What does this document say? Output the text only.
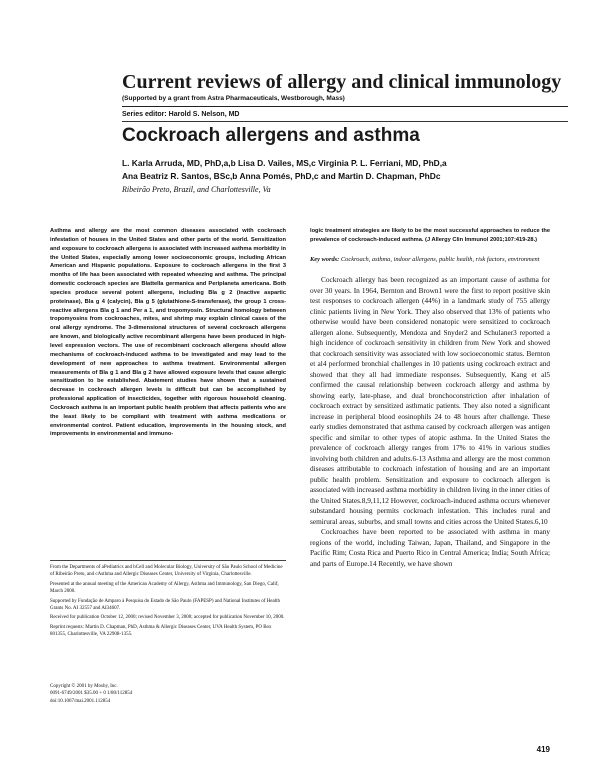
Current reviews of allergy and clinical immunology
(Supported by a grant from Astra Pharmaceuticals, Westborough, Mass)
Series editor: Harold S. Nelson, MD
Cockroach allergens and asthma
L. Karla Arruda, MD, PhD,a,b Lisa D. Vailes, MS,c Virginia P. L. Ferriani, MD, PhD,a
Ana Beatriz R. Santos, BSc,b Anna Pomés, PhD,c and Martin D. Chapman, PhDc
Ribeirão Preto, Brazil, and Charlottesville, Va
Asthma and allergy are the most common diseases associated with cockroach infestation of houses in the United States and other parts of the world. Sensitization and exposure to cockroach allergens is associated with increased asthma morbidity in the United States, especially among lower socioeconomic groups, including African American and Hispanic populations. Exposure to cockroach allergens in the first 3 months of life has been associated with repeated wheezing and asthma. The principal domestic cockroach species are Blattella germanica and Periplaneta americana. Both species produce several potent allergens, including Bla g 2 (inactive aspartic proteinase), Bla g 4 (calycin), Bla g 5 (glutathione-S-transferase), the group 1 cross-reactive allergens Bla g 1 and Per a 1, and tropomyosin. Structural homology between tropomyosins from cockroaches, mites, and shrimp may explain clinical cases of the oral allergy syndrome. The 3-dimensional structures of several cockroach allergens are known, and biologically active recombinant allergens have been produced in high-level expression vectors. The use of recombinant cockroach allergens should allow mechanisms of cockroach-induced asthma to be investigated and may lead to the development of new approaches to asthma treatment. Environmental allergen measurements of Bla g 1 and Bla g 2 have allowed exposure levels that cause allergic sensitization to be established. Abatement studies have shown that a sustained decrease in cockroach allergen levels is difficult but can be accomplished by professional application of insecticides, together with rigorous household cleaning. Cockroach asthma is an important public health problem that affects patients who are the least likely to be compliant with treatment with asthma medications or environmental control. Patient education, improvements in the housing stock, and improvements in environmental and immuno-
logic treatment strategies are likely to be the most successful approaches to reduce the prevalence of cockroach-induced asthma. (J Allergy Clin Immunol 2001;107:419-28.)
Key words: Cockroach, asthma, indoor allergens, public health, risk factors, environment

Cockroach allergy has been recognized as an important cause of asthma for over 30 years. In 1964, Bernton and Brown1 were the first to report positive skin test responses to cockroach allergen (44%) in a landmark study of 755 allergy clinic patients living in New York. They also observed that 13% of patients who otherwise would have been considered nonatopic were sensitized to cockroach allergen alone. Subsequently, Mendoza and Snyder2 and Schulaner3 reported a high incidence of cockroach sensitivity in children from New York and showed that cockroach sensitivity was associated with low socioeconomic status. Bernton et al4 performed bronchial challenges in 10 patients using cockroach extract and showed that they all had immediate responses. Subsequently, Kang et al5 confirmed the causal relationship between cockroach allergy and asthma by showing early, late-phase, and dual bronchoconstriction after inhalation of cockroach extract by sensitized asthmatic patients. They also noted a significant increase in peripheral blood eosinophils 24 to 48 hours after challenge. These early studies demonstrated that asthma caused by cockroach allergen was antigen specific and similar to other types of atopic asthma. In the United States the prevalence of cockroach allergy ranges from 17% to 41% in various studies involving both children and adults.6-13 Asthma and allergy are the most common diseases attributable to cockroach infestation of housing and are an important public health problem. Sensitization and exposure to cockroach allergen is associated with increased asthma morbidity in children living in the inner cities of the United States.8,9,11,12 However, cockroach-induced asthma occurs whenever substandard housing permits cockroach infestation. This includes rural and semirural areas, suburbs, and small towns and cities across the United States.6,10

Cockroaches have been reported to be associated with asthma in many regions of the world, including Taiwan, Japan, Thailand, and Singapore in the Pacific Rim; Costa Rica and Puerto Rico in Central America; India; South Africa; and parts of Europe.14 Recently, we have shown

From the Departments of aPediatrics and bCell and Molecular Biology, University of São Paulo School of Medicine of Ribeirão Preto, and cAsthma and Allergic Diseases Center, University of Virginia, Charlottesville.

Presented at the annual meeting of the American Academy of Allergy, Asthma and Immunology, San Diego, Calif, March 2000.

Supported by Fundação de Amparo à Pesquisa do Estado de São Paulo (FAPESP) and National Institutes of Health Grants No. AI 32557 and AI34607.

Received for publication October 12, 2000; revised November 3, 2000; accepted for publication November 10, 2000.

Reprint requests: Martin D. Chapman, PhD, Asthma & Allergic Diseases Center, UVA Health System, PO Box 801355, Charlottesville, VA 22908-1355.

Copyright © 2001 by Mosby, Inc.
0091-6749/2001 $35.00 + 0 1/80/112854
doi:10.1067/mai.2001.112854
419
